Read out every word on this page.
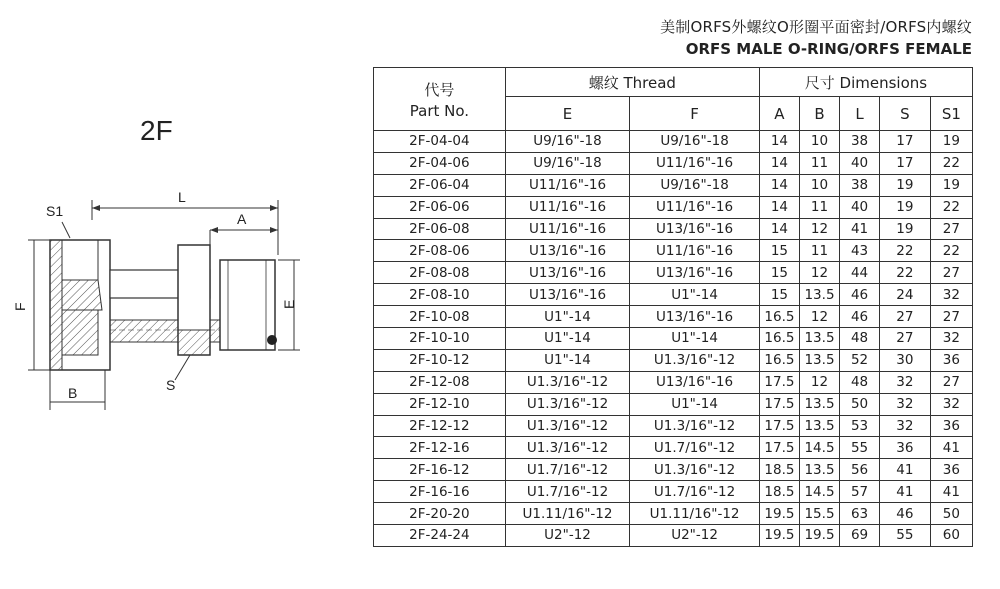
美制ORFS外螺纹O形圈平面密封/ORFS内螺纹
ORFS MALE O-RING/ORFS FEMALE
2F
L
A
S1
E
F
B	S
代号
Part No.	螺纹 Thread		尺寸 Dimensions				
	E	F	A	B	L	S	S1
2F-04-04	U9/16"-18	U9/16"-18	14	10	38	17	19
2F-04-06	U9/16"-18	U11/16"-16	14	11	40	17	22
2F-06-04	U11/16"-16	U9/16"-18	14	10	38	19	19
2F-06-06	U11/16"-16	U11/16"-16	14	11	40	19	22
2F-06-08	U11/16"-16	U13/16"-16	14	12	41	19	27
2F-08-06	U13/16"-16	U11/16"-16	15	11	43	22	22
2F-08-08	U13/16"-16	U13/16"-16	15	12	44	22	27
2F-08-10	U13/16"-16	U1"-14	15	13.5	46	24	32
2F-10-08	U1"-14	U13/16"-16	16.5	12	46	27	27
2F-10-10	U1"-14	U1"-14	16.5	13.5	48	27	32
2F-10-12	U1"-14	U1.3/16"-12	16.5	13.5	52	30	36
2F-12-08	U1.3/16"-12	U13/16"-16	17.5	12	48	32	27
2F-12-10	U1.3/16"-12	U1"-14	17.5	13.5	50	32	32
2F-12-12	U1.3/16"-12	U1.3/16"-12	17.5	13.5	53	32	36
2F-12-16	U1.3/16"-12	U1.7/16"-12	17.5	14.5	55	36	41
2F-16-12	U1.7/16"-12	U1.3/16"-12	18.5	13.5	56	41	36
2F-16-16	U1.7/16"-12	U1.7/16"-12	18.5	14.5	57	41	41
2F-20-20	U1.11/16"-12	U1.11/16"-12	19.5	15.5	63	46	50
2F-24-24	U2"-12	U2"-12	19.5	19.5	69	55	60
